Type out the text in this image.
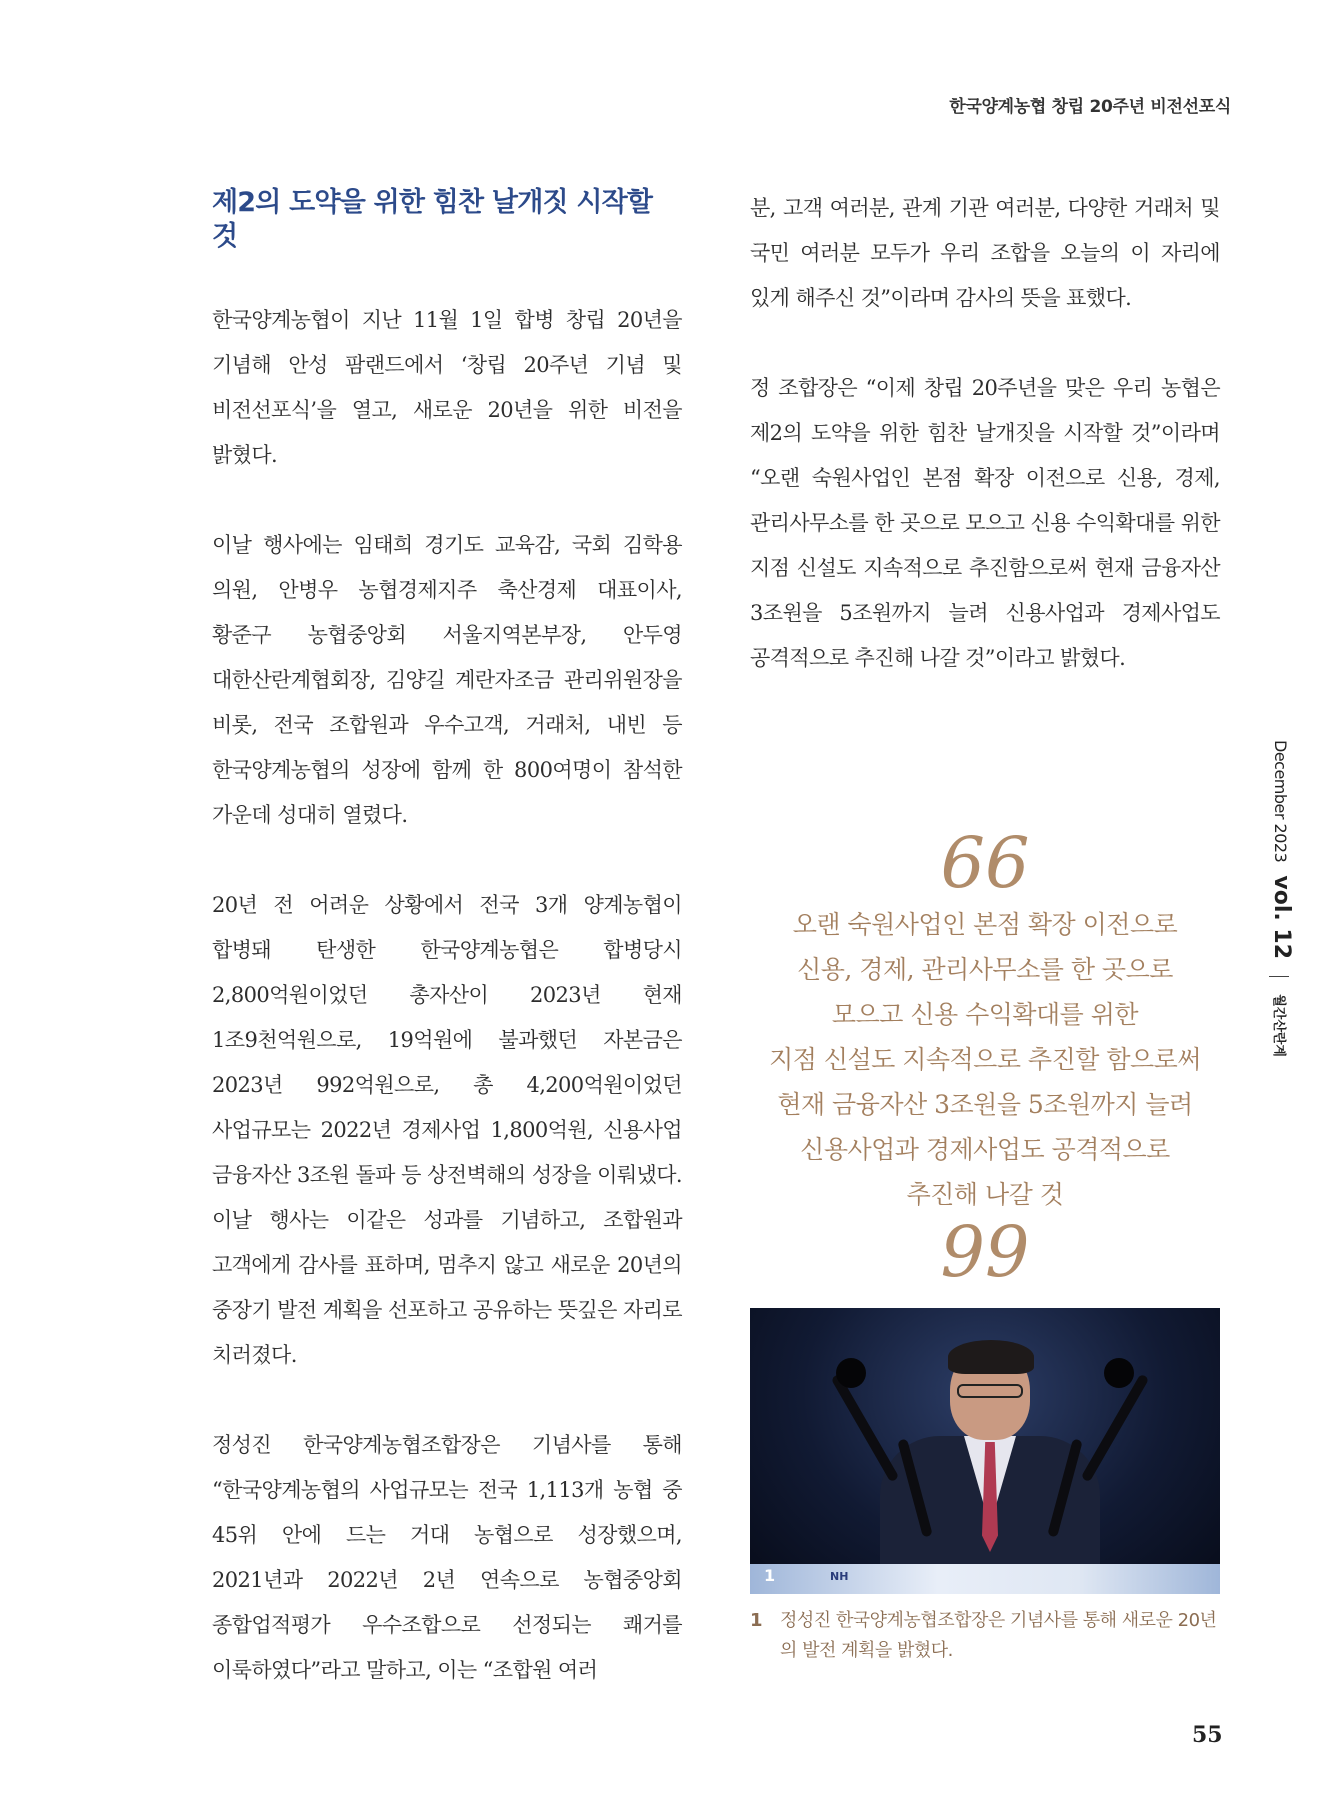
한국양계농협 창립 20주년 비전선포식
제2의 도약을 위한 힘찬 날개짓 시작할 것

한국양계농협이 지난 11월 1일 합병 창립 20년을 기념해 안성 팜랜드에서 ‘창립 20주년 기념 및 비전선포식’을 열고, 새로운 20년을 위한 비전을 밝혔다.

이날 행사에는 임태희 경기도 교육감, 국회 김학용 의원, 안병우 농협경제지주 축산경제 대표이사, 황준구 농협중앙회 서울지역본부장, 안두영 대한산란계협회장, 김양길 계란자조금 관리위원장을 비롯, 전국 조합원과 우수고객, 거래처, 내빈 등 한국양계농협의 성장에 함께 한 800여명이 참석한 가운데 성대히 열렸다.

20년 전 어려운 상황에서 전국 3개 양계농협이 합병돼 탄생한 한국양계농협은 합병당시 2,800억원이었던 총자산이 2023년 현재 1조9천억원으로, 19억원에 불과했던 자본금은 2023년 992억원으로, 총 4,200억원이었던 사업규모는 2022년 경제사업 1,800억원, 신용사업 금융자산 3조원 돌파 등 상전벽해의 성장을 이뤄냈다. 이날 행사는 이같은 성과를 기념하고, 조합원과 고객에게 감사를 표하며, 멈추지 않고 새로운 20년의 중장기 발전 계획을 선포하고 공유하는 뜻깊은 자리로 치러졌다.

정성진 한국양계농협조합장은 기념사를 통해 “한국양계농협의 사업규모는 전국 1,113개 농협 중 45위 안에 드는 거대 농협으로 성장했으며, 2021년과 2022년 2년 연속으로 농협중앙회 종합업적평가 우수조합으로 선정되는 쾌거를 이룩하였다”라고 말하고, 이는 “조합원 여러

분, 고객 여러분, 관계 기관 여러분, 다양한 거래처 및 국민 여러분 모두가 우리 조합을 오늘의 이 자리에 있게 해주신 것”이라며 감사의 뜻을 표했다.

정 조합장은 “이제 창립 20주년을 맞은 우리 농협은 제2의 도약을 위한 힘찬 날개짓을 시작할 것”이라며 “오랜 숙원사업인 본점 확장 이전으로 신용, 경제, 관리사무소를 한 곳으로 모으고 신용 수익확대를 위한 지점 신설도 지속적으로 추진함으로써 현재 금융자산 3조원을 5조원까지 늘려 신용사업과 경제사업도 공격적으로 추진해 나갈 것”이라고 밝혔다.

66
오랜 숙원사업인 본점 확장 이전으로
신용, 경제, 관리사무소를 한 곳으로
모으고 신용 수익확대를 위한
지점 신설도 지속적으로 추진할 함으로써
현재 금융자산 3조원을 5조원까지 늘려
신용사업과 경제사업도 공격적으로
추진해 나갈 것
99
NH
1
1 정성진 한국양계농협조합장은 기념사를 통해 새로운 20년의 발전 계획을 밝혔다.
December 2023 vol. 12  월간산란계
55
